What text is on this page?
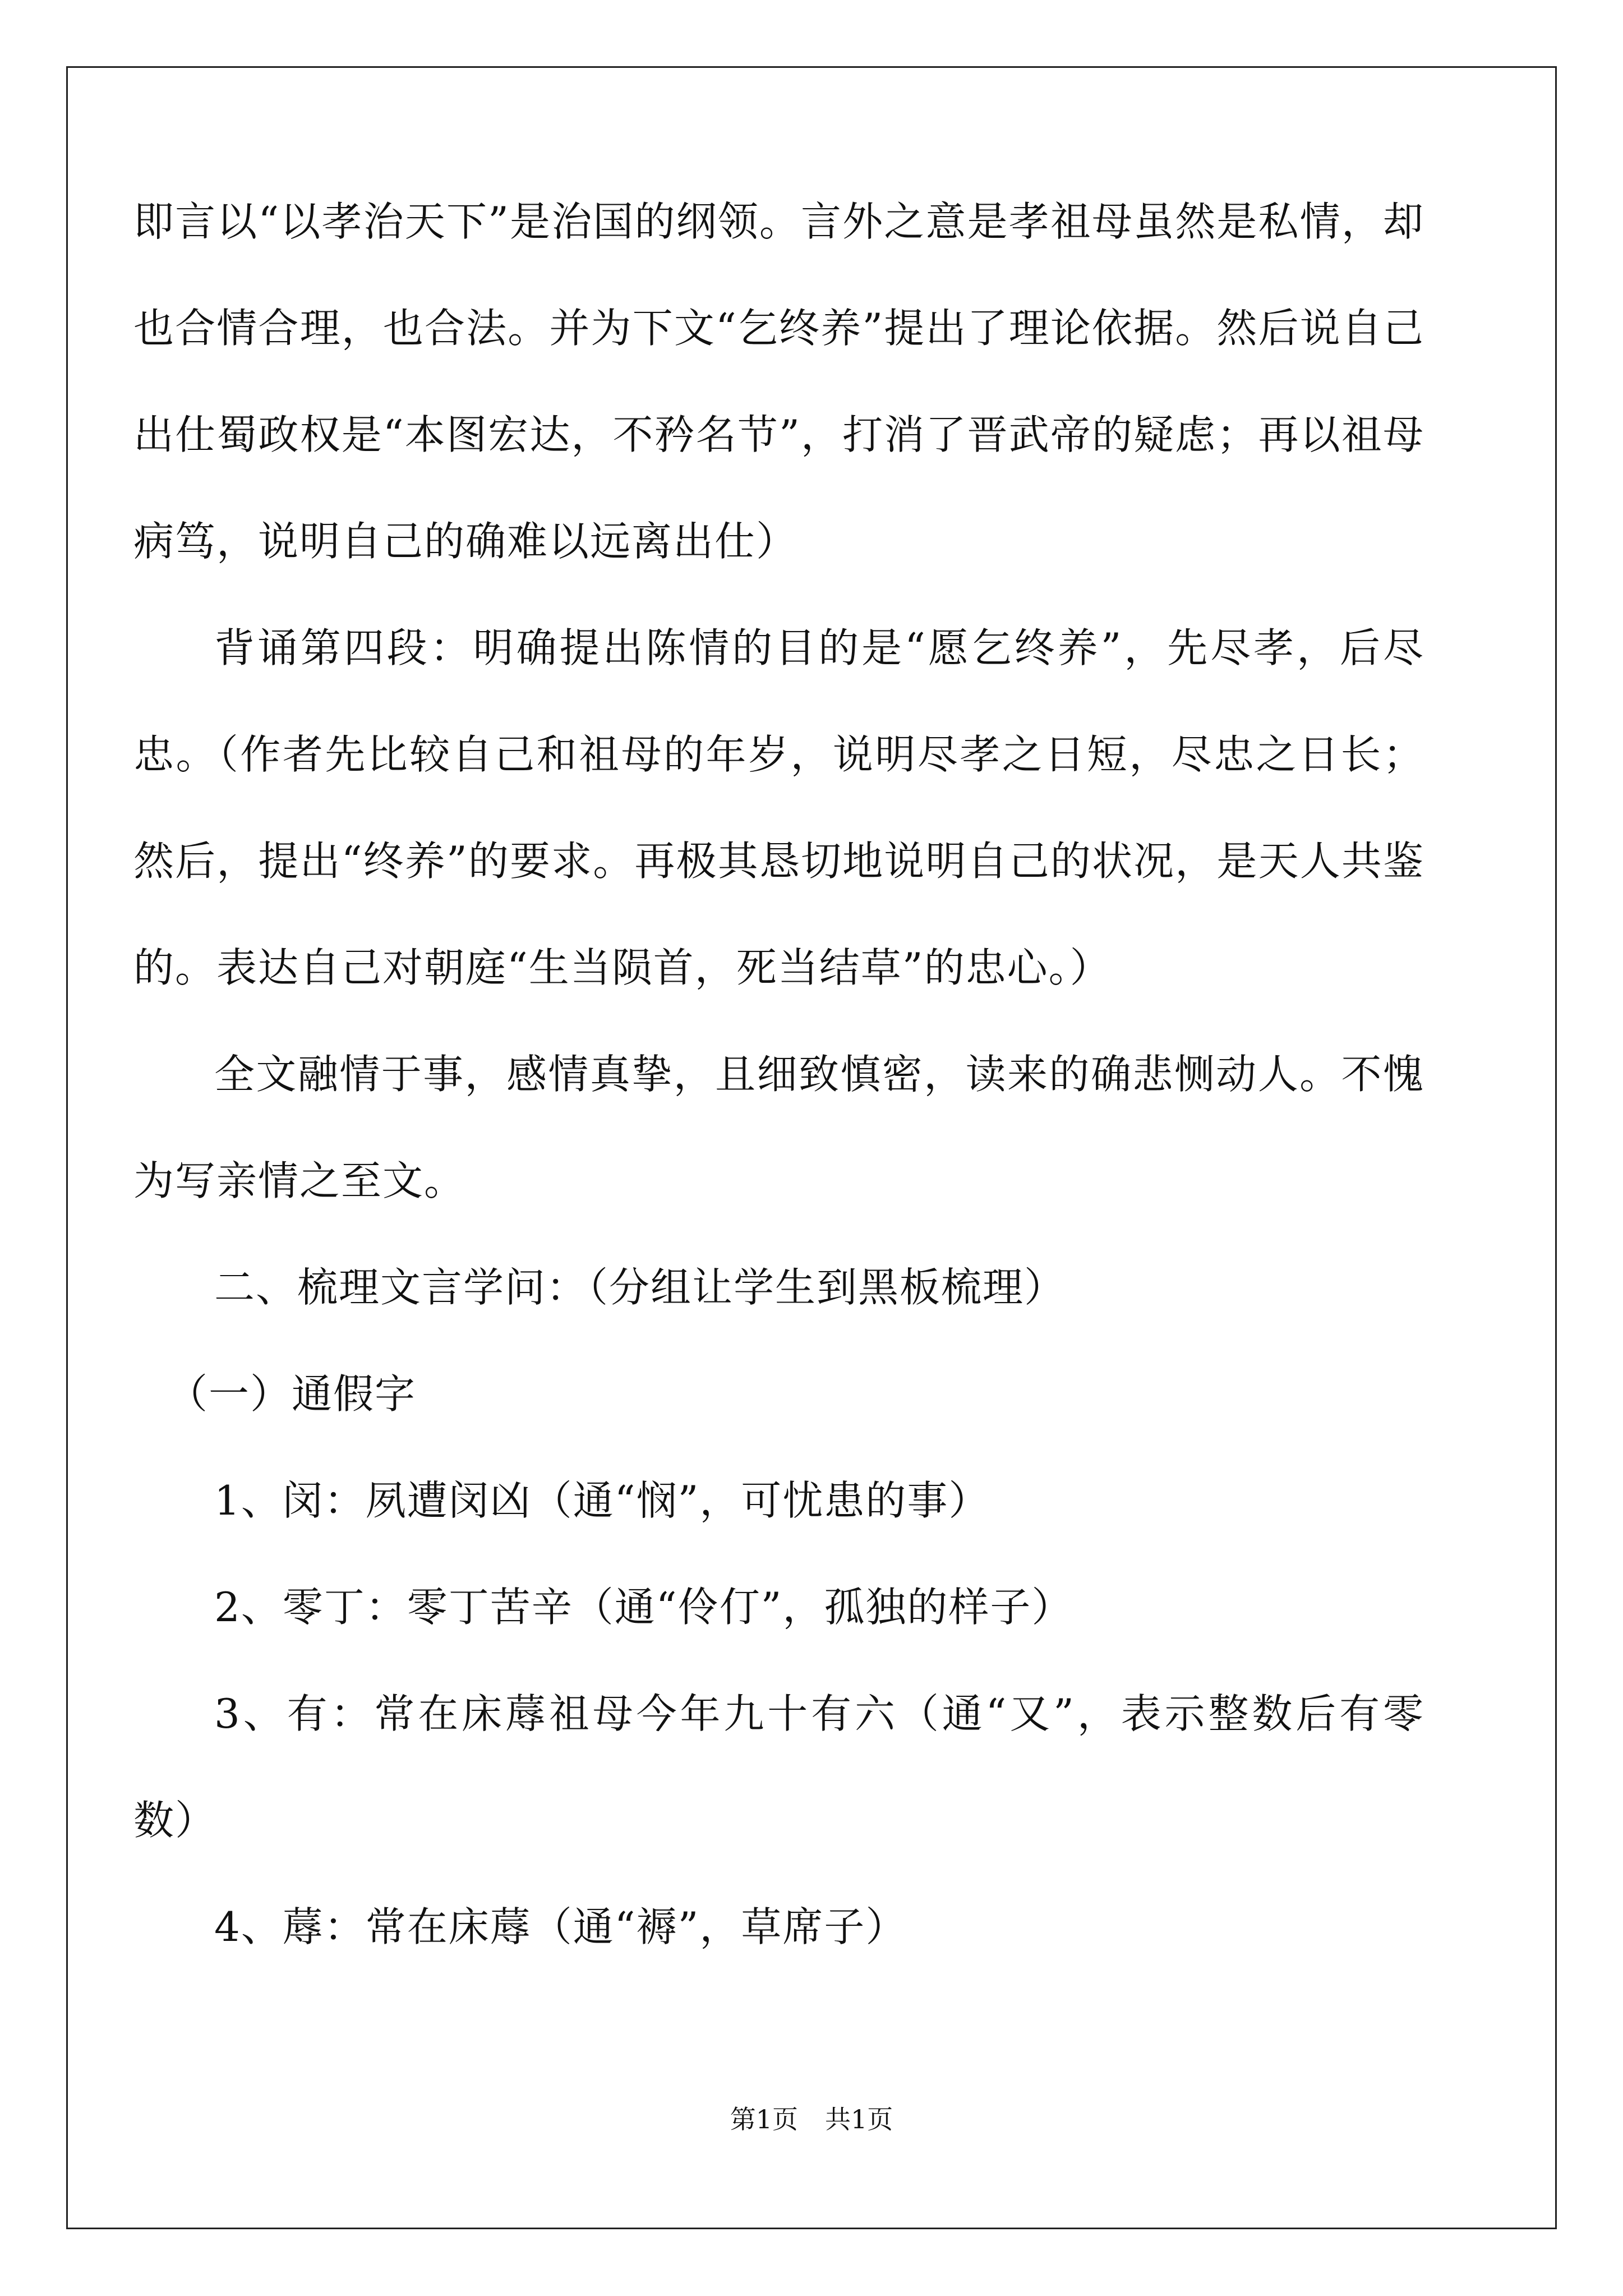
即言以“以孝治天下”是治国的纲领。言外之意是孝祖母虽然是私情，却也合情合理，也合法。并为下文“乞终养”提出了理论依据。然后说自己出仕蜀政权是“本图宏达，不矜名节”，打消了晋武帝的疑虑；再以祖母病笃，说明自己的确难以远离出仕）

背诵第四段：明确提出陈情的目的是“愿乞终养”，先尽孝，后尽忠。（作者先比较自己和祖母的年岁，说明尽孝之日短，尽忠之日长；然后，提出“终养”的要求。再极其恳切地说明自己的状况，是天人共鉴的。表达自己对朝庭“生当陨首，死当结草”的忠心。）

全文融情于事，感情真挚，且细致慎密，读来的确悲恻动人。不愧为写亲情之至文。

二、梳理文言学问：（分组让学生到黑板梳理）

（一）通假字

1、闵：夙遭闵凶（通“悯”，可忧患的事）

2、零丁：零丁苦辛（通“伶仃”，孤独的样子）

3、有：常在床蓐祖母今年九十有六（通“又”，表示整数后有零数）

4、蓐：常在床蓐（通“褥”，草席子）

第1页 共1页
